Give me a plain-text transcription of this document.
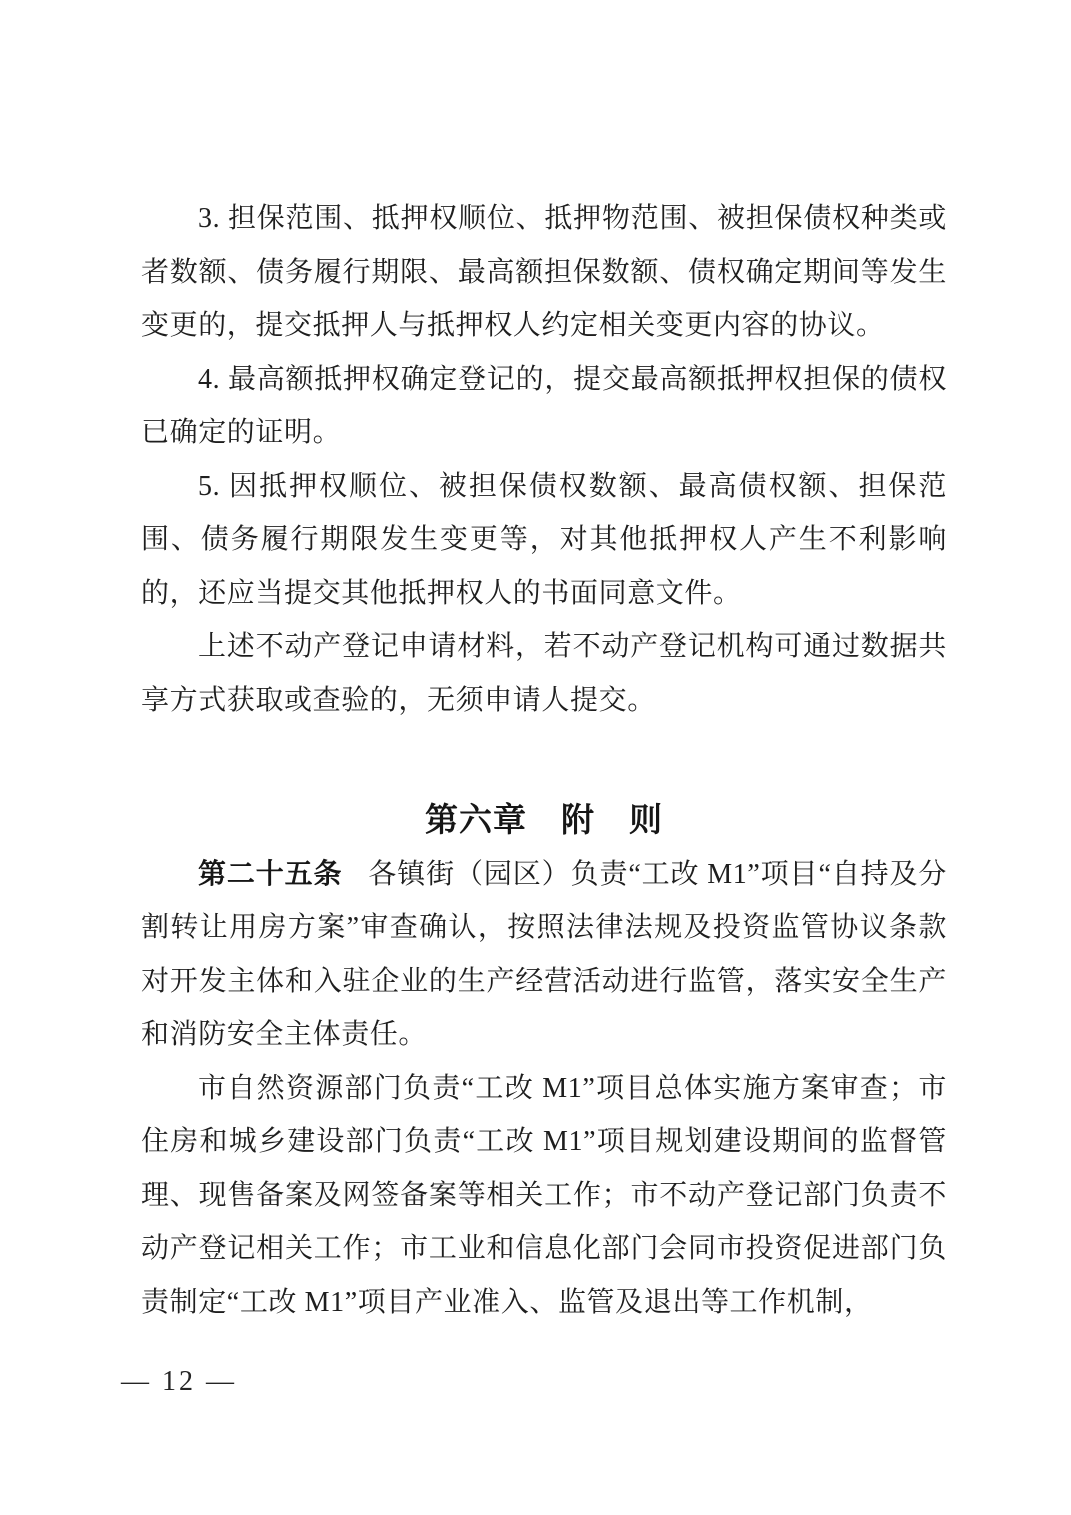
3. 担保范围、抵押权顺位、抵押物范围、被担保债权种类或者数额、债务履行期限、最高额担保数额、债权确定期间等发生变更的，提交抵押人与抵押权人约定相关变更内容的协议。

4. 最高额抵押权确定登记的，提交最高额抵押权担保的债权已确定的证明。

5. 因抵押权顺位、被担保债权数额、最高债权额、担保范围、债务履行期限发生变更等，对其他抵押权人产生不利影响的，还应当提交其他抵押权人的书面同意文件。

上述不动产登记申请材料，若不动产登记机构可通过数据共享方式获取或查验的，无须申请人提交。

第六章　附　则

第二十五条 各镇街（园区）负责“工改 M1”项目“自持及分割转让用房方案”审查确认，按照法律法规及投资监管协议条款对开发主体和入驻企业的生产经营活动进行监管，落实安全生产和消防安全主体责任。

市自然资源部门负责“工改 M1”项目总体实施方案审查；市住房和城乡建设部门负责“工改 M1”项目规划建设期间的监督管理、现售备案及网签备案等相关工作；市不动产登记部门负责不动产登记相关工作；市工业和信息化部门会同市投资促进部门负责制定“工改 M1”项目产业准入、监管及退出等工作机制，

— 12 —
